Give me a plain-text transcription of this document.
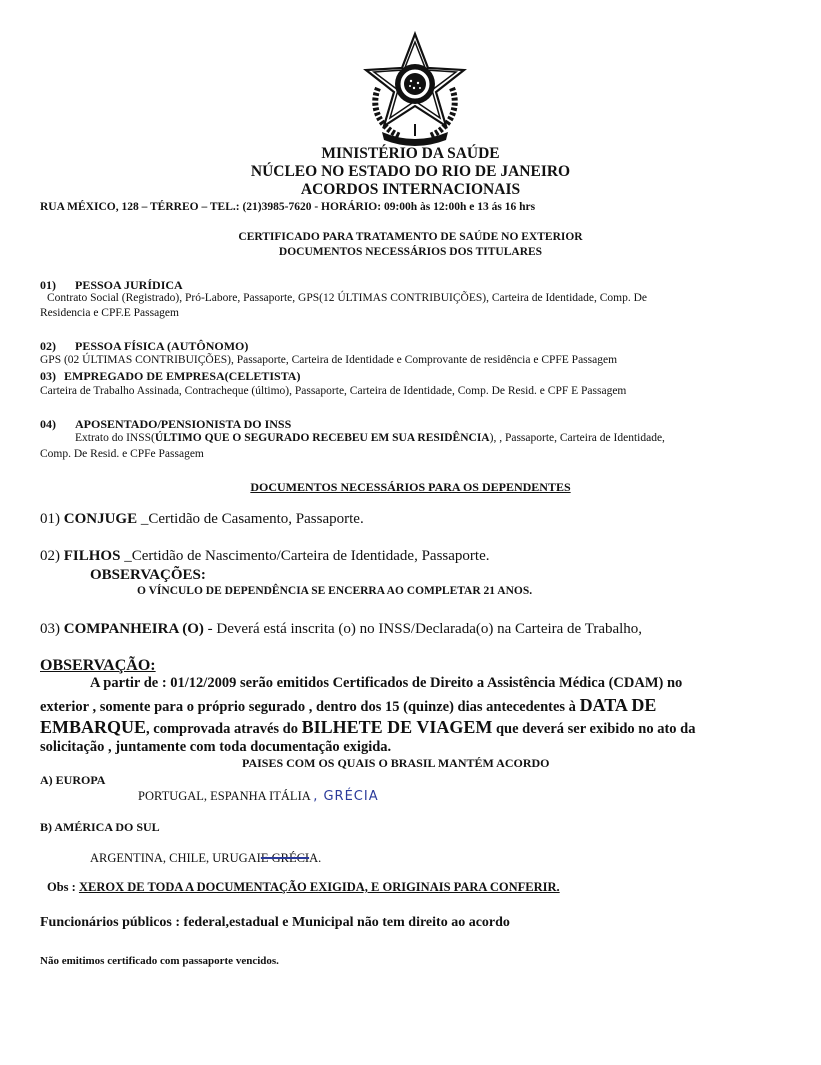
MINISTÉRIO DA SAÚDE
NÚCLEO NO ESTADO DO RIO DE JANEIRO
ACORDOS INTERNACIONAIS
RUA MÉXICO, 128 – TÉRREO – TEL.: (21)3985-7620 - HORÁRIO: 09:00h às 12:00h e 13 ás 16 hrs
CERTIFICADO PARA TRATAMENTO DE SAÚDE NO EXTERIOR
DOCUMENTOS NECESSÁRIOS DOS TITULARES
01) PESSOA JURÍDICA
Contrato Social (Registrado), Pró-Labore, Passaporte, GPS(12 ÚLTIMAS CONTRIBUIÇÕES), Carteira de Identidade, Comp. De
Residencia e CPF.E Passagem
02) PESSOA FÍSICA (AUTÔNOMO)
GPS (02 ÚLTIMAS CONTRIBUIÇÕES), Passaporte, Carteira de Identidade e Comprovante de residência e CPFE Passagem
03) EMPREGADO DE EMPRESA(CELETISTA)
Carteira de Trabalho Assinada, Contracheque (último), Passaporte, Carteira de Identidade, Comp. De Resid. e CPF E Passagem
04) APOSENTADO/PENSIONISTA DO INSS
Extrato do INSS(ÚLTIMO QUE O SEGURADO RECEBEU EM SUA RESIDÊNCIA), , Passaporte, Carteira de Identidade,
Comp. De Resid. e CPFe Passagem
DOCUMENTOS NECESSÁRIOS PARA OS DEPENDENTES
01) CONJUGE _Certidão de Casamento, Passaporte.
02) FILHOS _Certidão de Nascimento/Carteira de Identidade, Passaporte.
OBSERVAÇÕES:
O VÍNCULO DE DEPENDÊNCIA SE ENCERRA AO COMPLETAR 21 ANOS.
03) COMPANHEIRA (O) - Deverá está inscrita (o) no INSS/Declarada(o) na Carteira de Trabalho,
OBSERVAÇÃO:
A partir de : 01/12/2009 serão emitidos Certificados de Direito a Assistência Médica (CDAM) no
exterior , somente para o próprio segurado , dentro dos 15 (quinze) dias antecedentes à DATA DE
EMBARQUE, comprovada através do BILHETE DE VIAGEM que deverá ser exibido no ato da
solicitação , juntamente com toda documentação exigida.
PAISES COM OS QUAIS O BRASIL MANTÉM ACORDO
A) EUROPA
PORTUGAL, ESPANHA ITÁLIA , GRÉCIA
B) AMÉRICA DO SUL
ARGENTINA, CHILE, URUGAIE GRÉCIA.
Obs : XEROX DE TODA A DOCUMENTAÇÃO EXIGIDA, E ORIGINAIS PARA CONFERIR.
Funcionários públicos : federal,estadual e Municipal não tem direito ao acordo
Não emitimos certificado com passaporte vencidos.
